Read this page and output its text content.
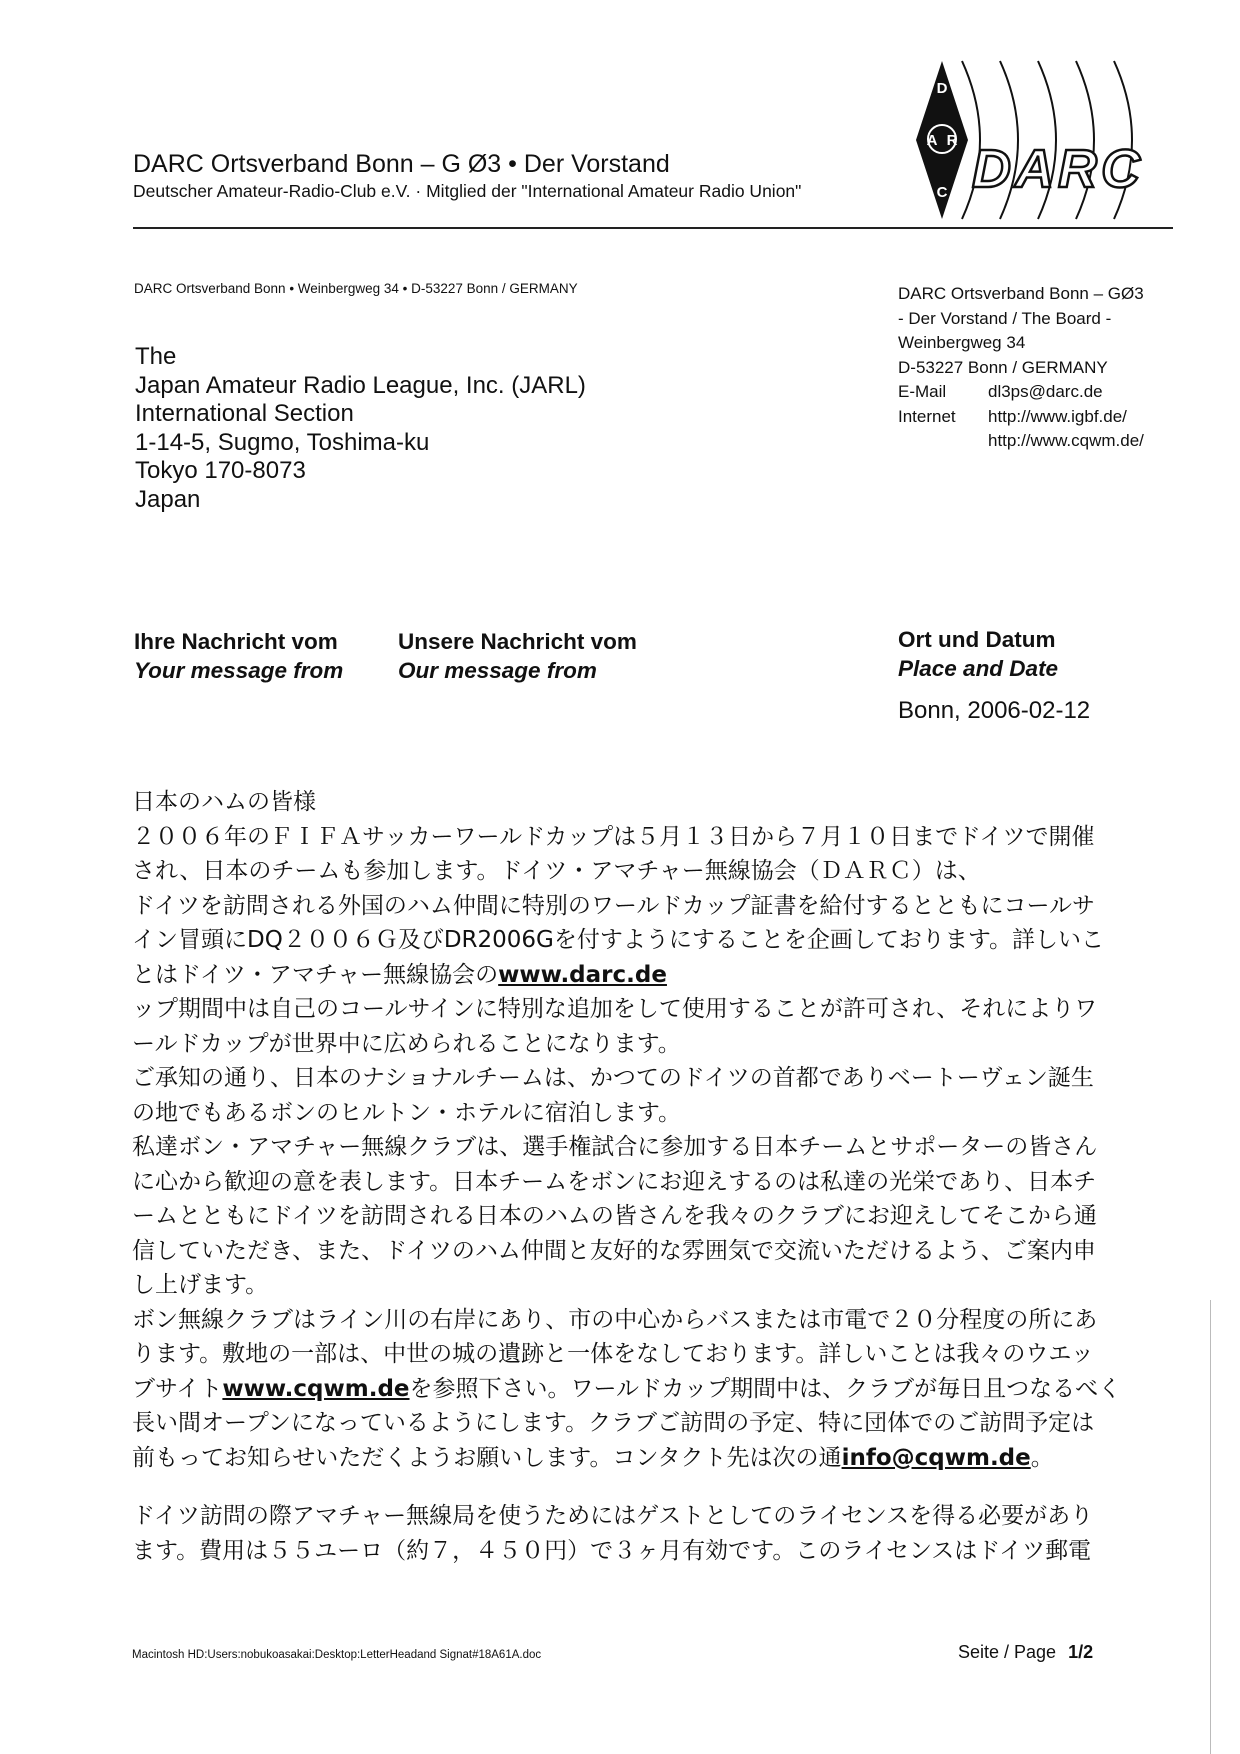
DARC Ortsverband Bonn – G Ø3 • Der Vorstand
Deutscher Amateur-Radio-Club e.V. · Mitglied der "International Amateur Radio Union"
D
A R
C DARC
DARC Ortsverband Bonn • Weinbergweg 34 • D-53227 Bonn / GERMANY
The
Japan Amateur Radio League, Inc. (JARL)
International Section
1-14-5, Sugmo, Toshima-ku
Tokyo 170-8073
Japan
DARC Ortsverband Bonn – GØ3
- Der Vorstand / The Board -
Weinbergweg 34
D-53227 Bonn / GERMANY
E-Mail dl3ps@darc.de
Internet http://www.igbf.de/
http://www.cqwm.de/
Ihre Nachricht vom
Your message from
Unsere Nachricht vom
Our message from
Ort und Datum
Place and Date
Bonn, 2006-02-12

日本のハムの皆様

２００６年のＦＩＦＡサッカーワールドカップは５月１３日から７月１０日までドイツで開催

され、日本のチームも参加します。ドイツ・アマチャー無線協会（ＤＡＲＣ）は、

ドイツを訪問される外国のハム仲間に特別のワールドカップ証書を給付するとともにコールサ

イン冒頭にDQ２００６Ｇ及びDR2006Gを付すようにすることを企画しております。詳しいこ

とはドイツ・アマチャー無線協会のwww.darc.de

ップ期間中は自己のコールサインに特別な追加をして使用することが許可され、それによりワ

ールドカップが世界中に広められることになります。

ご承知の通り、日本のナショナルチームは、かつてのドイツの首都でありベートーヴェン誕生

の地でもあるボンのヒルトン・ホテルに宿泊します。

私達ボン・アマチャー無線クラブは、選手権試合に参加する日本チームとサポーターの皆さん

に心から歓迎の意を表します。日本チームをボンにお迎えするのは私達の光栄であり、日本チ

ームとともにドイツを訪問される日本のハムの皆さんを我々のクラブにお迎えしてそこから通

信していただき、また、ドイツのハム仲間と友好的な雰囲気で交流いただけるよう、ご案内申

し上げます。

ボン無線クラブはライン川の右岸にあり、市の中心からバスまたは市電で２０分程度の所にあ

ります。敷地の一部は、中世の城の遺跡と一体をなしております。詳しいことは我々のウエッ

ブサイトwww.cqwm.deを参照下さい。ワールドカップ期間中は、クラブが毎日且つなるべく

長い間オープンになっているようにします。クラブご訪問の予定、特に団体でのご訪問予定は

前もってお知らせいただくようお願いします。コンタクト先は次の通info@cqwm.de。

ドイツ訪問の際アマチャー無線局を使うためにはゲストとしてのライセンスを得る必要があり

ます。費用は５５ユーロ（約７，４５０円）で３ヶ月有効です。このライセンスはドイツ郵電

Macintosh HD:Users:nobukoasakai:Desktop:LetterHeadand Signat#18A61A.doc	Seite / Page 1/2
